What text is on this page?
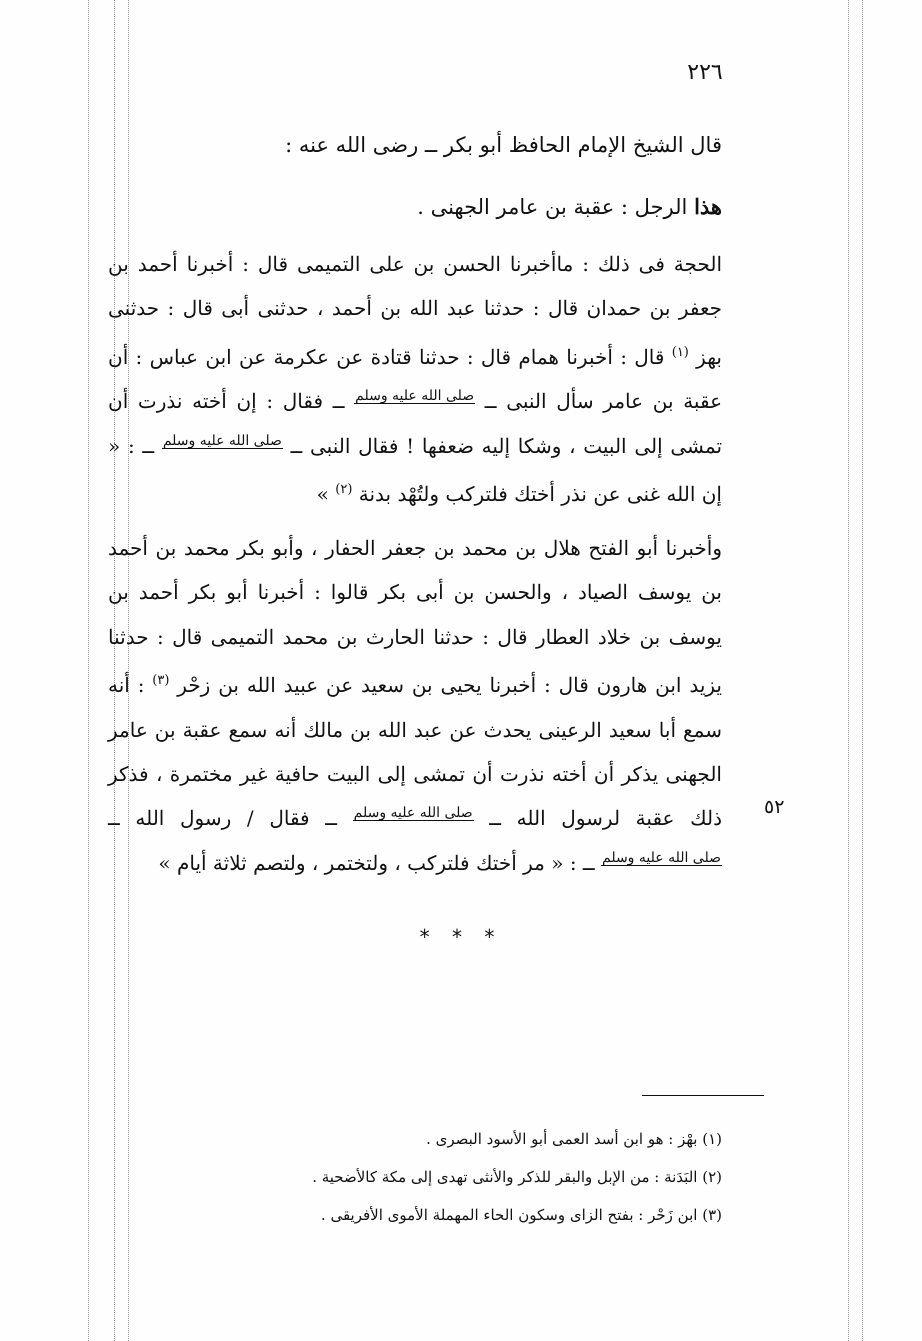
٢٢٦
قال الشيخ الإمام الحافظ أبو بكر ــ رضى الله عنه :
هذا الرجل : عقبة بن عامر الجهنى .
الحجة فى ذلك : ماأخبرنا الحسن بن على التميمى قال : أخبرنا أحمد بن جعفر بن حمدان قال : حدثنا عبد الله بن أحمد ، حدثنى أبى قال : حدثنى بهز $^{(١)}$ قال : أخبرنا همام قال : حدثنا قتادة عن عكرمة عن ابن عباس : أن عقبة بن عامر سأل النبى ــ صلى الله عليه وسلم ــ فقال : إن أخته نذرت أن تمشى إلى البيت ، وشكا إليه ضعفها ! فقال النبى ــ صلى الله عليه وسلم ــ : « إن الله غنى عن نذر أختك فلتركب ولتُهْد بدنة $^{(٢)}$ »
وأخبرنا أبو الفتح هلال بن محمد بن جعفر الحفار ، وأبو بكر محمد بن أحمد بن يوسف الصياد ، والحسن بن أبى بكر قالوا : أخبرنا أبو بكر أحمد بن يوسف بن خلاد العطار قال : حدثنا الحارث بن محمد التميمى قال : حدثنا يزيد ابن هارون قال : أخبرنا يحيى بن سعيد عن عبيد الله بن زحْر $^{(٣)}$ : أنه سمع أبا سعيد الرعينى يحدث عن عبد الله بن مالك أنه سمع عقبة بن عامر الجهنى يذكر أن أخته نذرت أن تمشى إلى البيت حافية غير مختمرة ، فذكر ذلك عقبة لرسول الله ــ صلى الله عليه وسلم ــ فقال / رسول الله ــ صلى الله عليه وسلم ــ : « مر أختك فلتركب ، ولتختمر ، ولتصم ثلاثة أيام »
٥٢
* * *
(١) بهْز : هو ابن أسد العمى أبو الأسود البصرى .
(٢) البَدَنة : من الإبل والبقر للذكر والأنثى تهدى إلى مكة كالأضحية .
(٣) ابن زَحْر : بفتح الزاى وسكون الحاء المهملة الأموى الأفريقى .
